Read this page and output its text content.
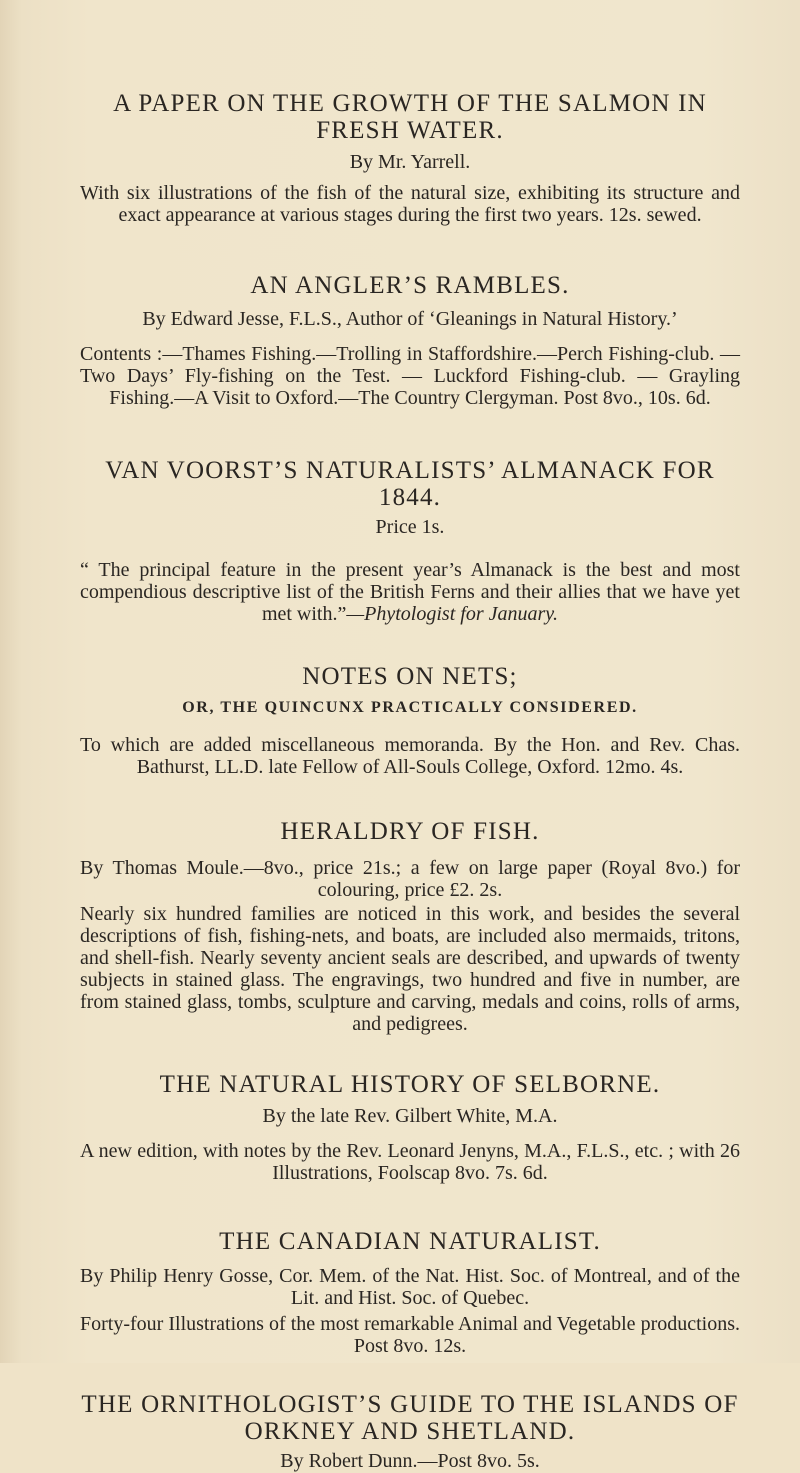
A PAPER ON THE GROWTH OF THE SALMON IN FRESH WATER.

By Mr. Yarrell.

With six illustrations of the fish of the natural size, exhibiting its structure and exact appearance at various stages during the first two years. 12s. sewed.

AN ANGLER’S RAMBLES.

By Edward Jesse, F.L.S., Author of ‘Gleanings in Natural History.’

Contents :—Thames Fishing.—Trolling in Staffordshire.—Perch Fishing-club. — Two Days’ Fly-fishing on the Test. — Luckford Fishing-club. — Grayling Fishing.—A Visit to Oxford.—The Country Clergyman. Post 8vo., 10s. 6d.

VAN VOORST’S NATURALISTS’ ALMANACK FOR 1844.

Price 1s.

“ The principal feature in the present year’s Almanack is the best and most compendious descriptive list of the British Ferns and their allies that we have yet met with.”—Phytologist for January.

NOTES ON NETS;

OR, THE QUINCUNX PRACTICALLY CONSIDERED.

To which are added miscellaneous memoranda. By the Hon. and Rev. Chas. Bathurst, LL.D. late Fellow of All-Souls College, Oxford. 12mo. 4s.

HERALDRY OF FISH.

By Thomas Moule.—8vo., price 21s.; a few on large paper (Royal 8vo.) for colouring, price £2. 2s.

Nearly six hundred families are noticed in this work, and besides the several descriptions of fish, fishing-nets, and boats, are included also mermaids, tritons, and shell-fish. Nearly seventy ancient seals are described, and upwards of twenty subjects in stained glass. The engravings, two hundred and five in number, are from stained glass, tombs, sculpture and carving, medals and coins, rolls of arms, and pedigrees.

THE NATURAL HISTORY OF SELBORNE.

By the late Rev. Gilbert White, M.A.

A new edition, with notes by the Rev. Leonard Jenyns, M.A., F.L.S., etc. ; with 26 Illustrations, Foolscap 8vo. 7s. 6d.

THE CANADIAN NATURALIST.

By Philip Henry Gosse, Cor. Mem. of the Nat. Hist. Soc. of Montreal, and of the Lit. and Hist. Soc. of Quebec.

Forty-four Illustrations of the most remarkable Animal and Vegetable productions. Post 8vo. 12s.

THE ORNITHOLOGIST’S GUIDE TO THE ISLANDS OF ORKNEY AND SHETLAND.

By Robert Dunn.—Post 8vo. 5s.
